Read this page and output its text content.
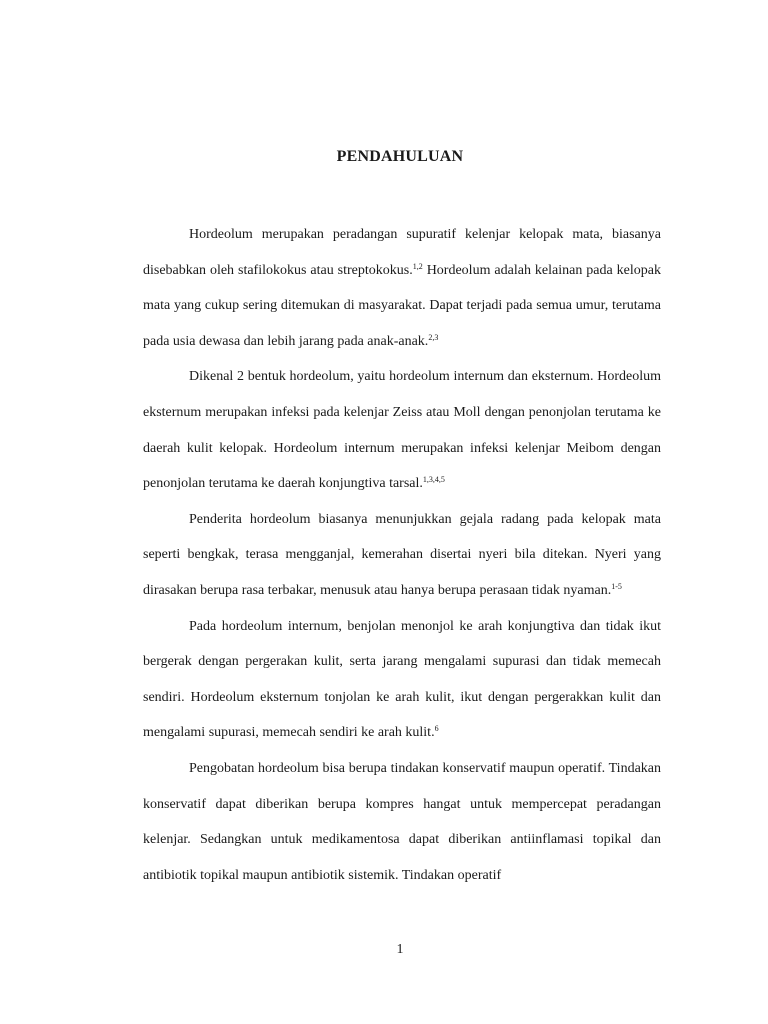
PENDAHULUAN

Hordeolum merupakan peradangan supuratif kelenjar kelopak mata, biasanya disebabkan oleh stafilokokus atau streptokokus.$^{1,2}$ Hordeolum adalah kelainan pada kelopak mata yang cukup sering ditemukan di masyarakat. Dapat terjadi pada semua umur, terutama pada usia dewasa dan lebih jarang pada anak-anak.$^{2,3}$

Dikenal 2 bentuk hordeolum, yaitu hordeolum internum dan eksternum. Hordeolum eksternum merupakan infeksi pada kelenjar Zeiss atau Moll dengan penonjolan terutama ke daerah kulit kelopak. Hordeolum internum merupakan infeksi kelenjar Meibom dengan penonjolan terutama ke daerah konjungtiva tarsal.$^{1,3,4,5}$

Penderita hordeolum biasanya menunjukkan gejala radang pada kelopak mata seperti bengkak, terasa mengganjal, kemerahan disertai nyeri bila ditekan. Nyeri yang dirasakan berupa rasa terbakar, menusuk atau hanya berupa perasaan tidak nyaman.$^{1-5}$

Pada hordeolum internum, benjolan menonjol ke arah konjungtiva dan tidak ikut bergerak dengan pergerakan kulit, serta jarang mengalami supurasi dan tidak memecah sendiri. Hordeolum eksternum tonjolan ke arah kulit, ikut dengan pergerakkan kulit dan mengalami supurasi, memecah sendiri ke arah kulit.$^6$

Pengobatan hordeolum bisa berupa tindakan konservatif maupun operatif. Tindakan konservatif dapat diberikan berupa kompres hangat untuk mempercepat peradangan kelenjar. Sedangkan untuk medikamentosa dapat diberikan antiinflamasi topikal dan antibiotik topikal maupun antibiotik sistemik. Tindakan operatif

1
